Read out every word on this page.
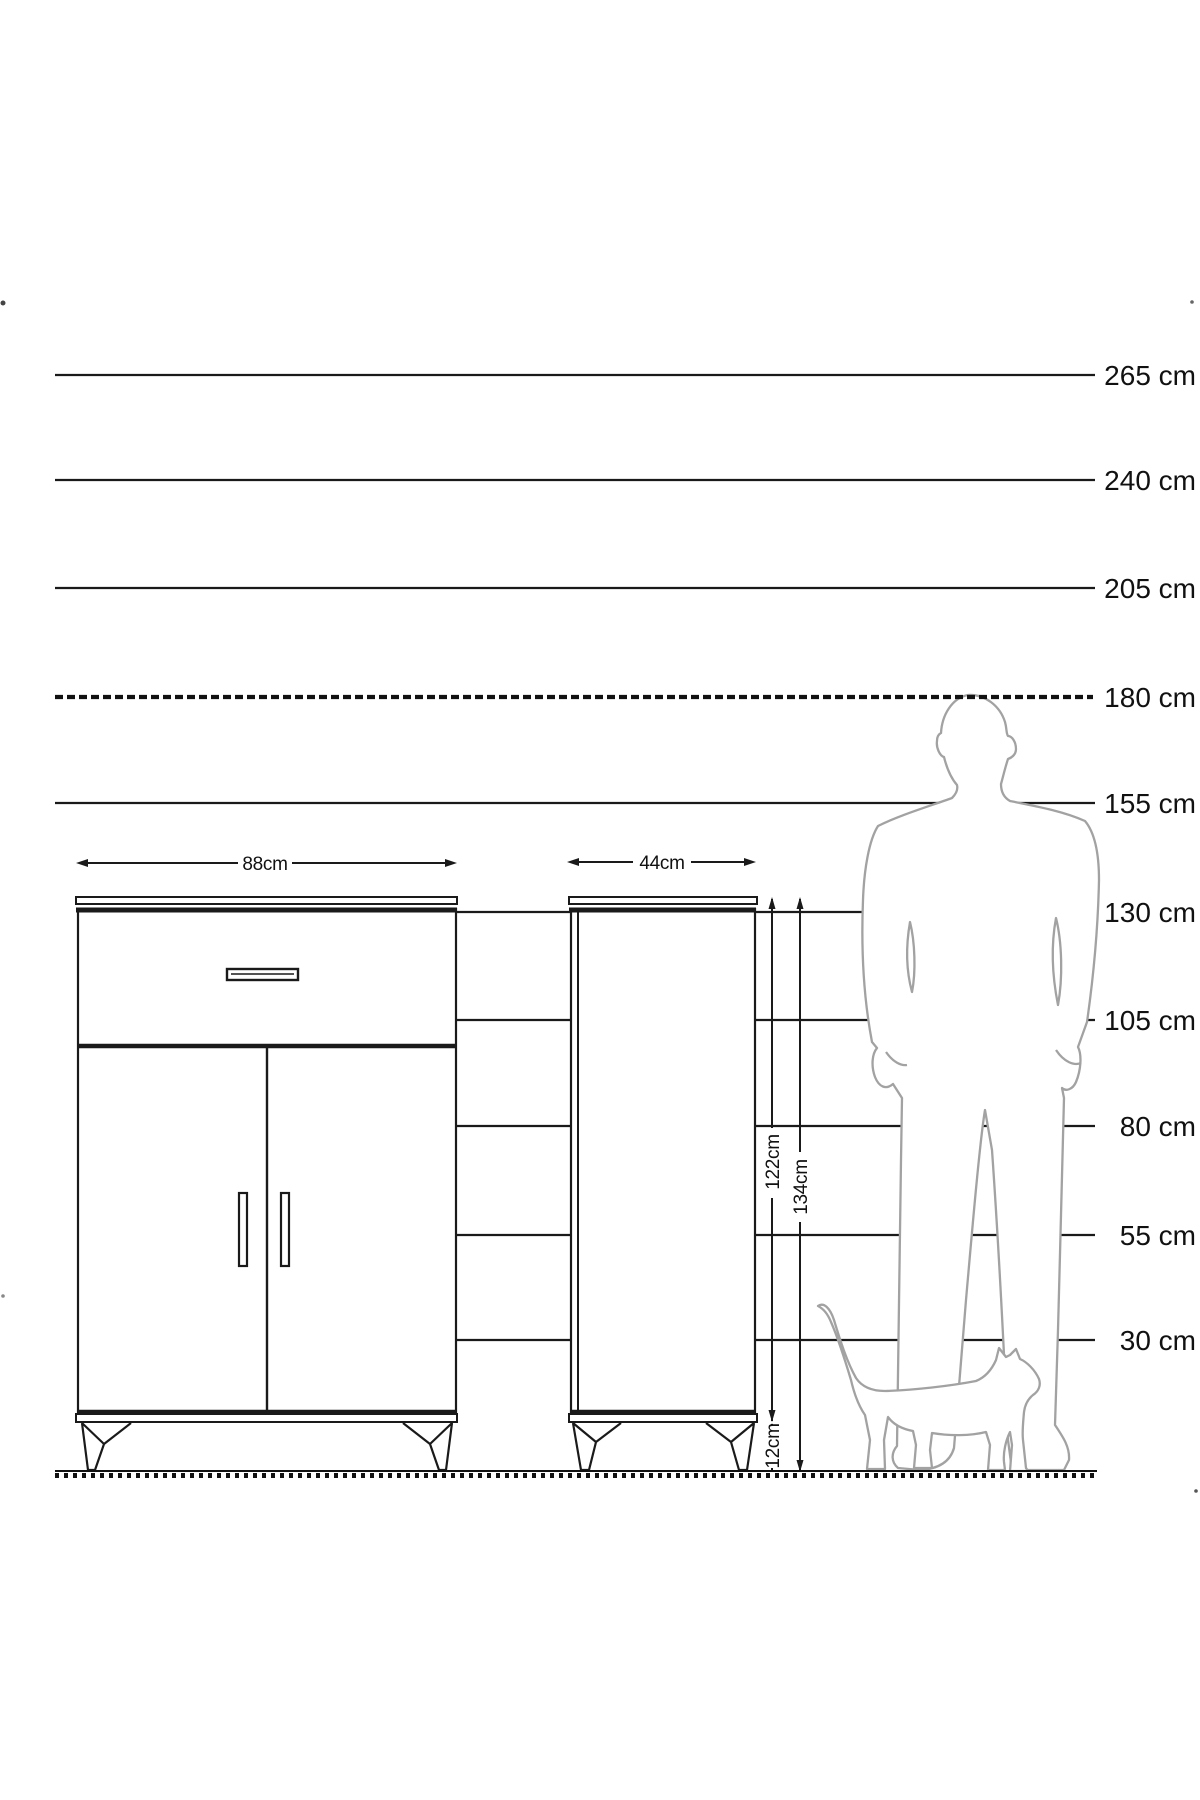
88cm	44cm
122cm 134cm
12cm
265 cm
240 cm
205 cm
180 cm
155 cm
130 cm
105 cm
80 cm
55 cm
30 cm
